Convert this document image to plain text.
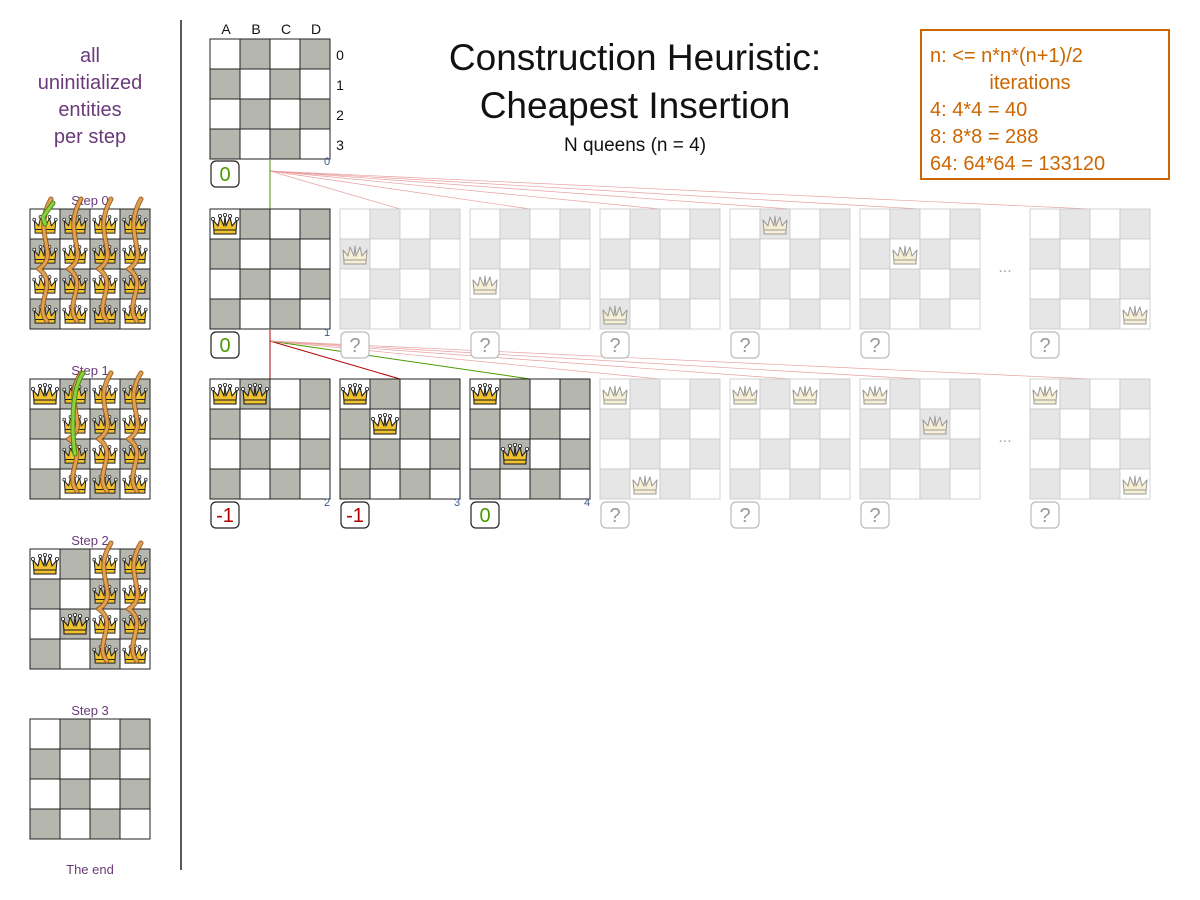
all
uninitialized
entities
per step
Step 0
Step 1
Step 2
Step 3
The end
Construction Heuristic:
Cheapest Insertion
N queens (n = 4)
n: <= n*n*(n+1)/2
iterations
4: 4*4 = 40
8: 8*8 = 288
64: 64*64 = 133120
A B C D
0
1
2
3
0
0
0
1
?	?	?	?	?	?
-1
2
-1
3
0
4
?	?	?	?
...
...
